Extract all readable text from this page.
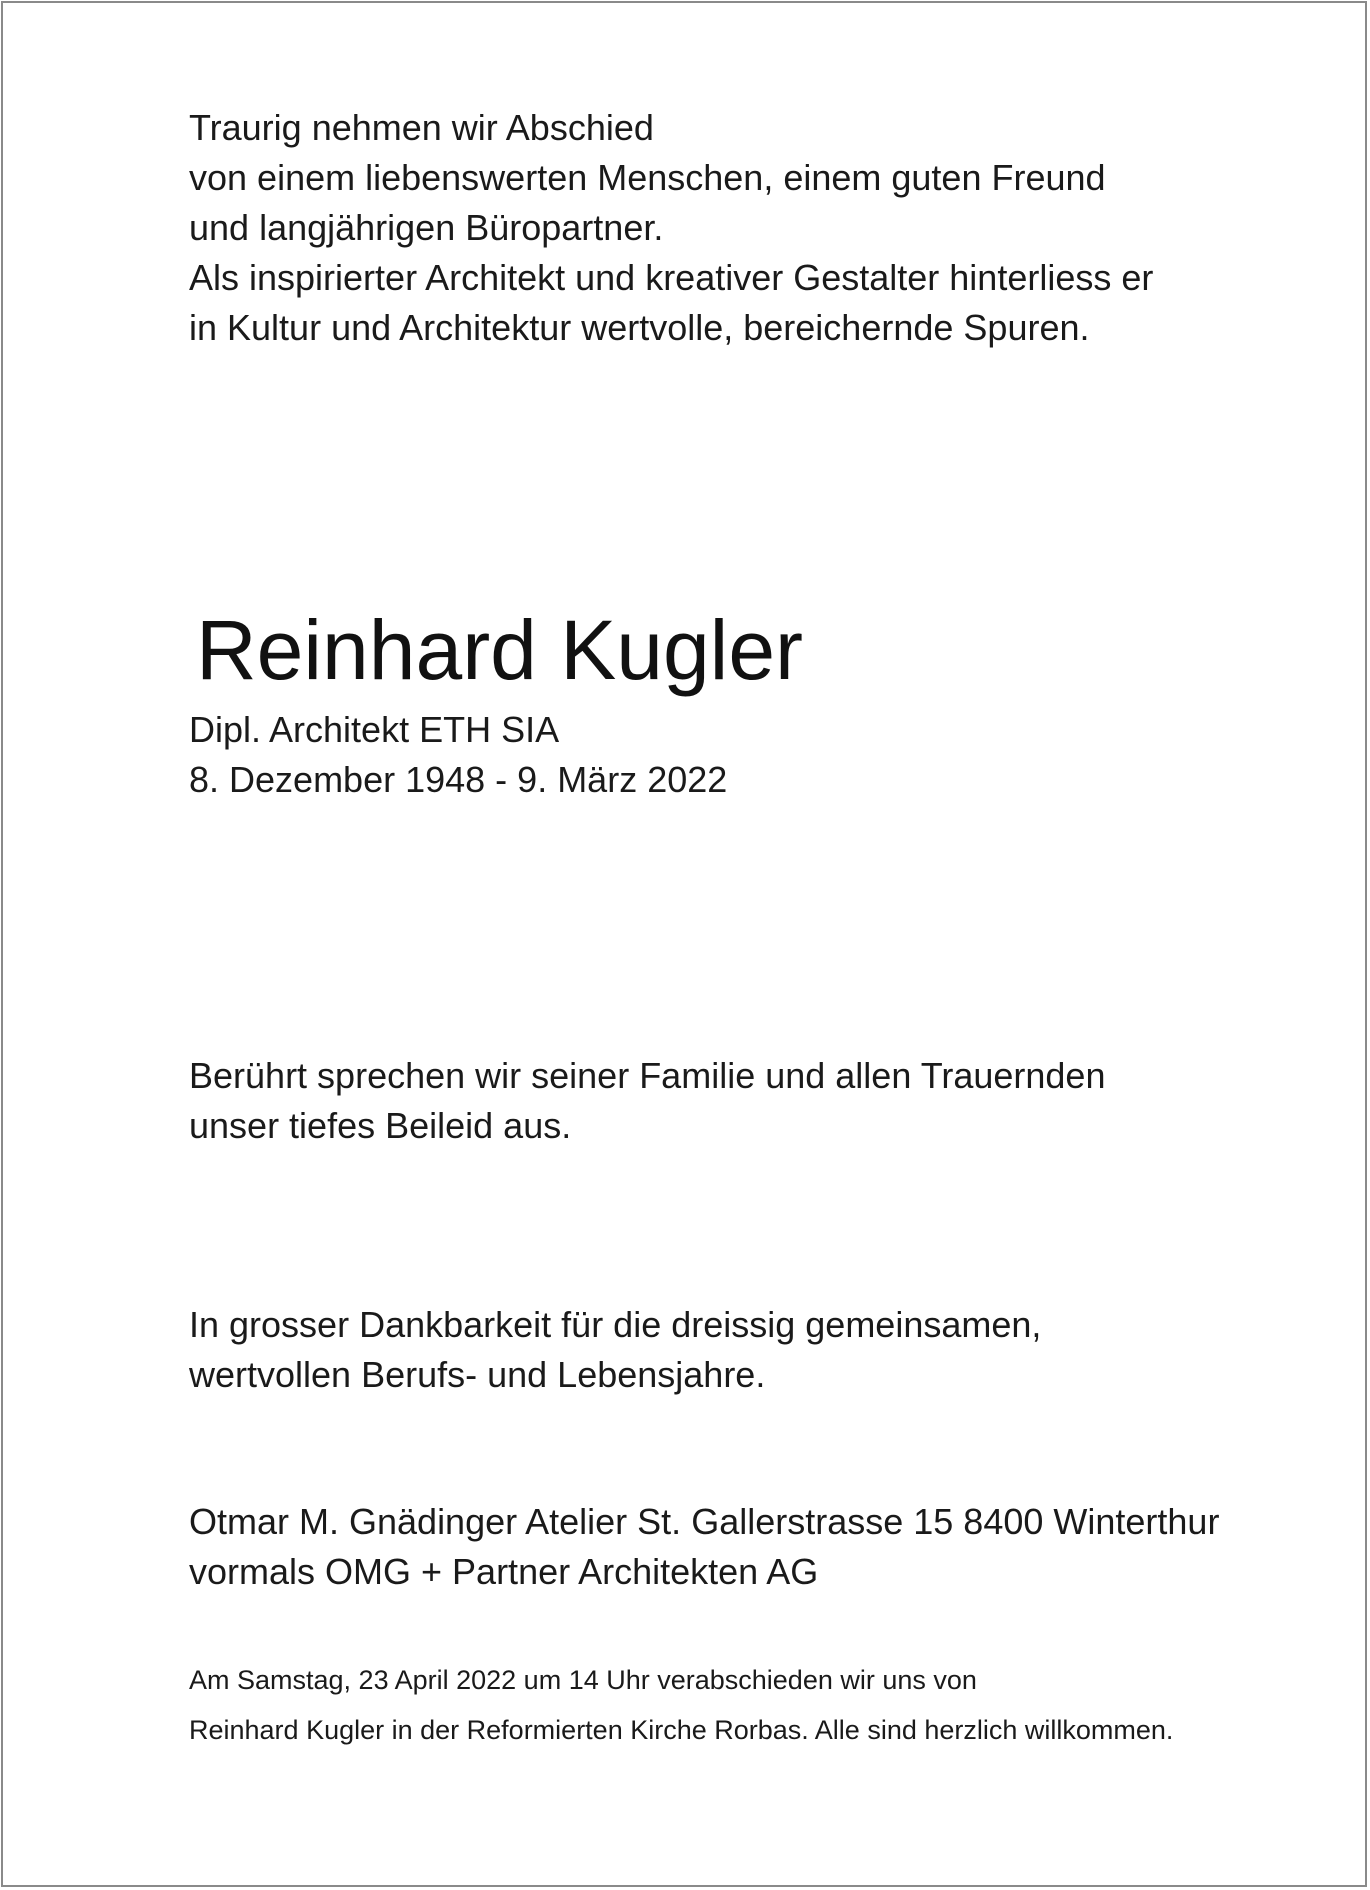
Traurig nehmen wir Abschied
von einem liebenswerten Menschen, einem guten Freund
und langjährigen Büropartner.
Als inspirierter Architekt und kreativer Gestalter hinterliess er
in Kultur und Architektur wertvolle, bereichernde Spuren.
Reinhard Kugler
Dipl. Architekt ETH SIA
8. Dezember 1948 - 9. März 2022
Berührt sprechen wir seiner Familie und allen Trauernden
unser tiefes Beileid aus.
In grosser Dankbarkeit für die dreissig gemeinsamen,
wertvollen Berufs- und Lebensjahre.
Otmar M. Gnädinger Atelier St. Gallerstrasse 15 8400 Winterthur
vormals OMG + Partner Architekten AG
Am Samstag, 23 April 2022 um 14 Uhr verabschieden wir uns von
Reinhard Kugler in der Reformierten Kirche Rorbas. Alle sind herzlich willkommen.
